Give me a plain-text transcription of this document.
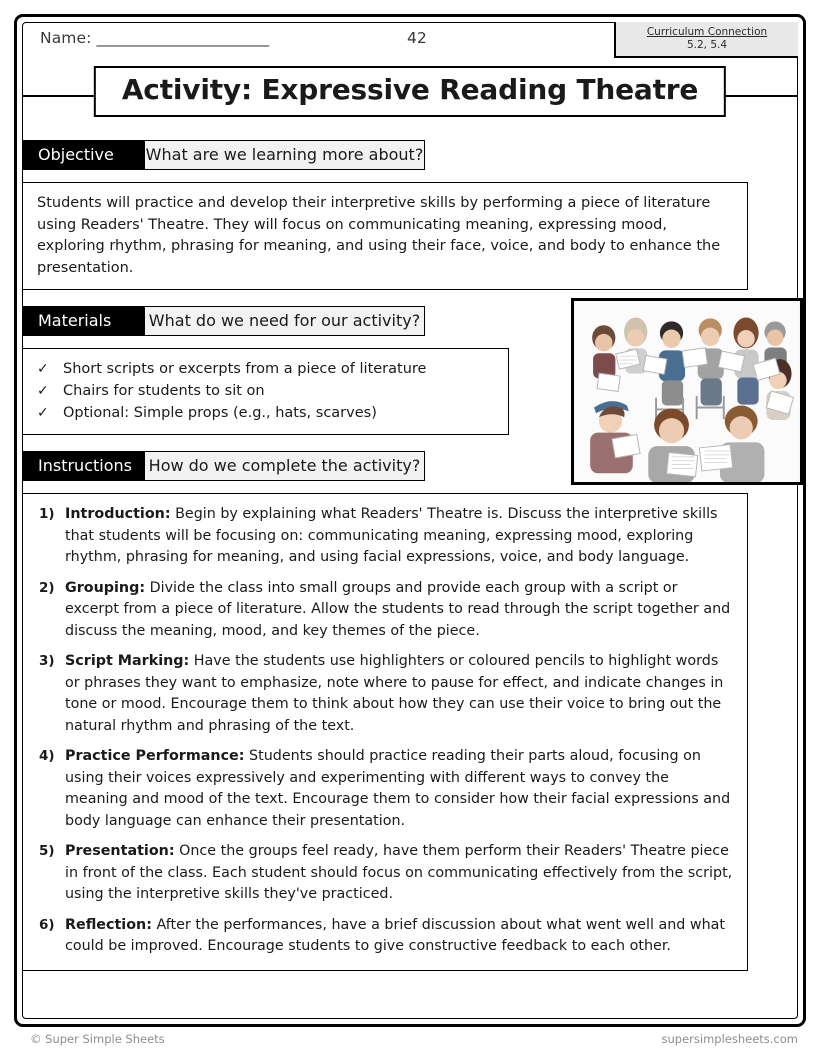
Name: ______________________	42	Curriculum Connection
5.2, 5.4
Activity: Expressive Reading Theatre
Objective	What are we learning more about?

Students will practice and develop their interpretive skills by performing a piece of literature using Readers' Theatre. They will focus on communicating meaning, expressing mood, exploring rhythm, phrasing for meaning, and using their face, voice, and body to enhance the presentation.

Materials	What do we need for our activity?
✓ Short scripts or excerpts from a piece of literature
✓ Chairs for students to sit on
✓ Optional: Simple props (e.g., hats, scarves)
Instructions	How do we complete the activity?
1) Introduction: Begin by explaining what Readers' Theatre is. Discuss the interpretive skills that students will be focusing on: communicating meaning, expressing mood, exploring rhythm, phrasing for meaning, and using facial expressions, voice, and body language.
2) Grouping: Divide the class into small groups and provide each group with a script or excerpt from a piece of literature. Allow the students to read through the script together and discuss the meaning, mood, and key themes of the piece.
3) Script Marking: Have the students use highlighters or coloured pencils to highlight words or phrases they want to emphasize, note where to pause for effect, and indicate changes in tone or mood. Encourage them to think about how they can use their voice to bring out the natural rhythm and phrasing of the text.
4) Practice Performance: Students should practice reading their parts aloud, focusing on using their voices expressively and experimenting with different ways to convey the meaning and mood of the text. Encourage them to consider how their facial expressions and body language can enhance their presentation.
5) Presentation: Once the groups feel ready, have them perform their Readers' Theatre piece in front of the class. Each student should focus on communicating effectively from the script, using the interpretive skills they've practiced.
6) Reflection: After the performances, have a brief discussion about what went well and what could be improved. Encourage students to give constructive feedback to each other.
© Super Simple Sheets	supersimplesheets.com
